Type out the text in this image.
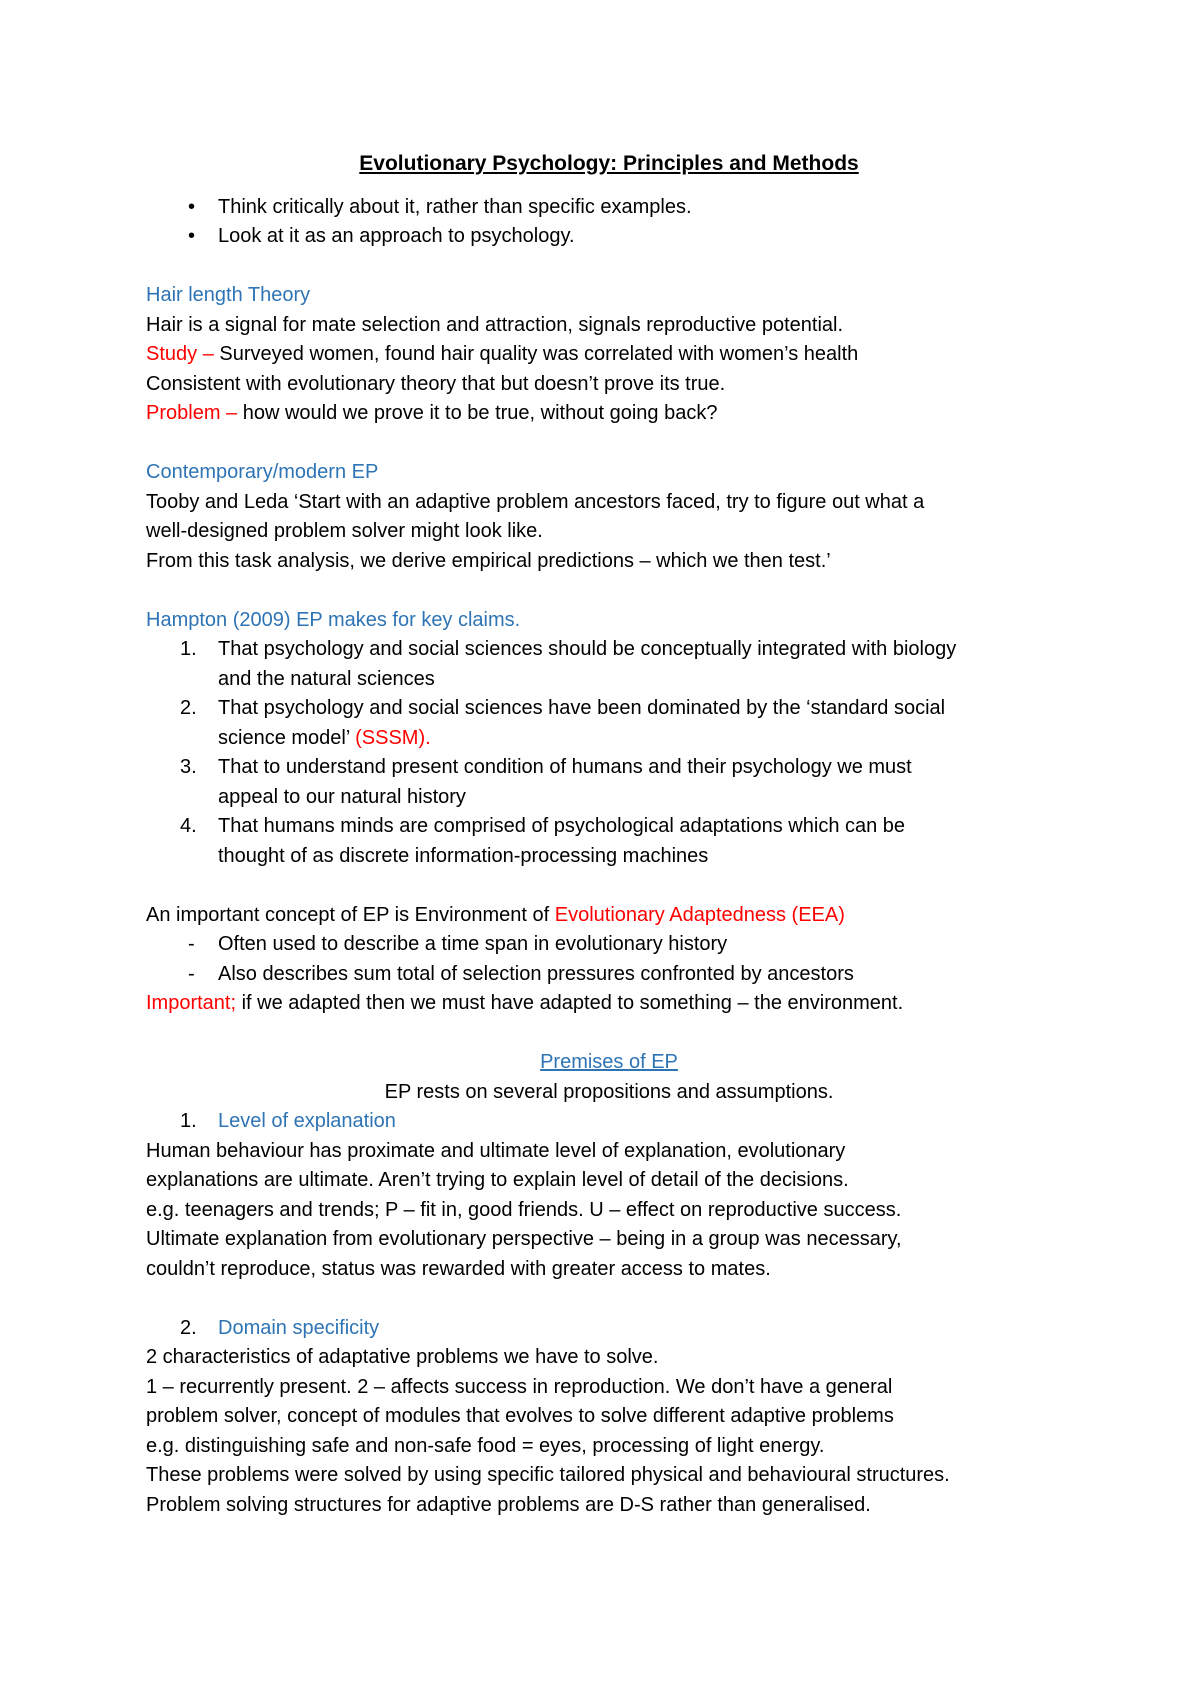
Evolutionary Psychology: Principles and Methods

• Think critically about it, rather than specific examples.
• Look at it as an approach to psychology.

Hair length Theory

Hair is a signal for mate selection and attraction, signals reproductive potential.

Study – Surveyed women, found hair quality was correlated with women’s health

Consistent with evolutionary theory that but doesn’t prove its true.

Problem – how would we prove it to be true, without going back?

Contemporary/modern EP

Tooby and Leda ‘Start with an adaptive problem ancestors faced, try to figure out what a

well-designed problem solver might look like.

From this task analysis, we derive empirical predictions – which we then test.’

Hampton (2009) EP makes for key claims.

1. That psychology and social sciences should be conceptually integrated with biology
and the natural sciences
2. That psychology and social sciences have been dominated by the ‘standard social
science model’ (SSSM).
3. That to understand present condition of humans and their psychology we must
appeal to our natural history
4. That humans minds are comprised of psychological adaptations which can be
thought of as discrete information-processing machines

An important concept of EP is Environment of Evolutionary Adaptedness (EEA)

- Often used to describe a time span in evolutionary history
- Also describes sum total of selection pressures confronted by ancestors

Important; if we adapted then we must have adapted to something – the environment.

Premises of EP

EP rests on several propositions and assumptions.

1. Level of explanation

Human behaviour has proximate and ultimate level of explanation, evolutionary

explanations are ultimate. Aren’t trying to explain level of detail of the decisions.

e.g. teenagers and trends; P – fit in, good friends. U – effect on reproductive success.

Ultimate explanation from evolutionary perspective – being in a group was necessary,

couldn’t reproduce, status was rewarded with greater access to mates.

2. Domain specificity

2 characteristics of adaptative problems we have to solve.

1 – recurrently present. 2 – affects success in reproduction. We don’t have a general

problem solver, concept of modules that evolves to solve different adaptive problems

e.g. distinguishing safe and non-safe food = eyes, processing of light energy.

These problems were solved by using specific tailored physical and behavioural structures.

Problem solving structures for adaptive problems are D-S rather than generalised.
